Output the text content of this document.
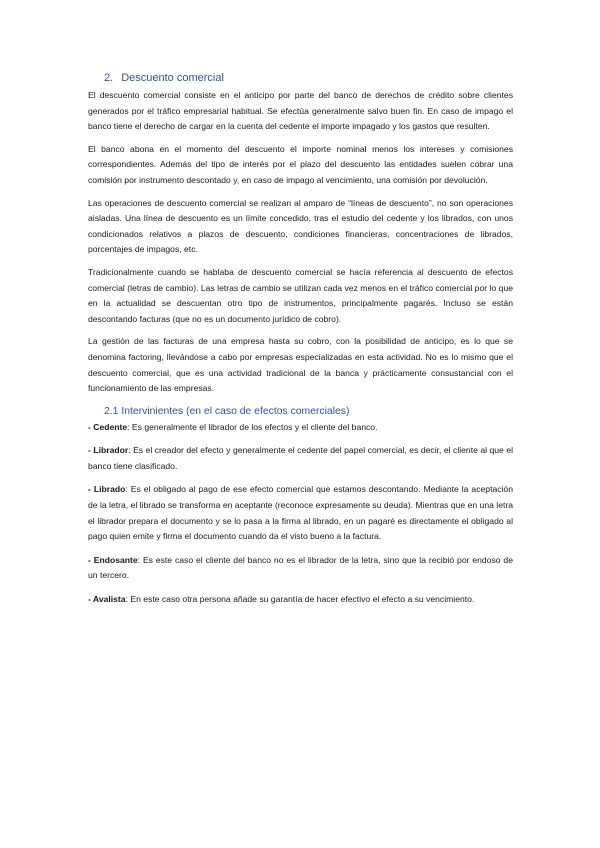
2. Descuento comercial

El descuento comercial consiste en el anticipo por parte del banco de derechos de crédito sobre clientes generados por el tráfico empresarial habitual. Se efectúa generalmente salvo buen fin. En caso de impago el banco tiene el derecho de cargar en la cuenta del cedente el importe impagado y los gastos que resulten.

El banco abona en el momento del descuento el importe nominal menos los intereses y comisiones correspondientes. Además del tipo de interés por el plazo del descuento las entidades suelen cobrar una comisión por instrumento descontado y, en caso de impago al vencimiento, una comisión por devolución.

Las operaciones de descuento comercial se realizan al amparo de “líneas de descuento”, no son operaciones aisladas. Una línea de descuento es un límite concedido, tras el estudio del cedente y los librados, con unos condicionados relativos a plazos de descuento, condiciones financieras, concentraciones de librados, porcentajes de impagos, etc.

Tradicionalmente cuando se hablaba de descuento comercial se hacía referencia al descuento de efectos comercial (letras de cambio). Las letras de cambio se utilizan cada vez menos en el tráfico comercial por lo que en la actualidad se descuentan otro tipo de instrumentos, principalmente pagarés. Incluso se están descontando facturas (que no es un documento jurídico de cobro).

La gestión de las facturas de una empresa hasta su cobro, con la posibilidad de anticipo, es lo que se denomina factoring, llevándose a cabo por empresas especializadas en esta actividad. No es lo mismo que el descuento comercial, que es una actividad tradicional de la banca y prácticamente consustancial con el funcionamiento de las empresas.

2.1 Intervinientes (en el caso de efectos comerciales)

- Cedente: Es generalmente el librador de los efectos y el cliente del banco.

- Librador: Es el creador del efecto y generalmente el cedente del papel comercial, es decir, el cliente al que el banco tiene clasificado.

- Librado: Es el obligado al pago de ese efecto comercial que estamos descontando. Mediante la aceptación de la letra, el librado se transforma en aceptante (reconoce expresamente su deuda). Mientras que en una letra el librador prepara el documento y se lo pasa a la firma al librado, en un pagaré es directamente el obligado al pago quien emite y firma el documento cuando da el visto bueno a la factura.

- Endosante: Es este caso el cliente del banco no es el librador de la letra, sino que la recibió por endoso de un tercero.

- Avalista: En este caso otra persona añade su garantía de hacer efectivo el efecto a su vencimiento.
